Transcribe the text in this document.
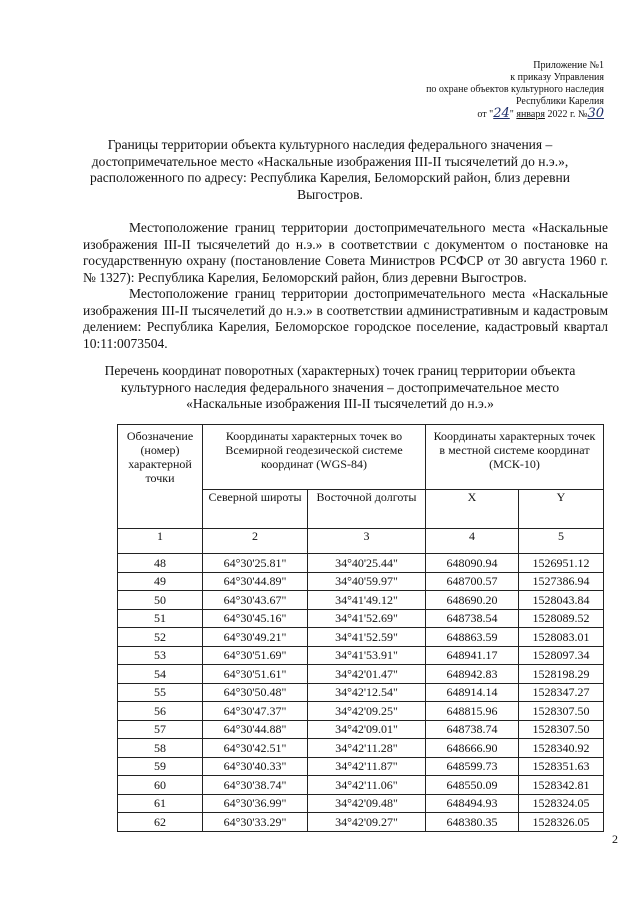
Приложение №1
к приказу Управления
по охране объектов культурного наследия
Республики Карелия
от "24" января 2022 г. №30
Границы территории объекта культурного наследия федерального значения – достопримечательное место «Наскальные изображения III-II тысячелетий до н.э.», расположенного по адресу: Республика Карелия, Беломорский район, близ деревни Выгостров.
Местоположение границ территории достопримечательного места «Наскальные изображения III-II тысячелетий до н.э.» в соответствии с документом о постановке на государственную охрану (постановление Совета Министров РСФСР от 30 августа 1960 г. № 1327): Республика Карелия, Беломорский район, близ деревни Выгостров.
Местоположение границ территории достопримечательного места «Наскальные изображения III-II тысячелетий до н.э.» в соответствии административным и кадастровым делением: Республика Карелия, Беломорское городское поселение, кадастровый квартал 10:11:0073504.
Перечень координат поворотных (характерных) точек границ территории объекта культурного наследия федерального значения – достопримечательное место «Наскальные изображения III-II тысячелетий до н.э.»
Обозначение (номер) характерной точки	Координаты характерных точек во Всемирной геодезической системе координат (WGS-84)		Координаты характерных точек в местной системе координат (МСК-10)	
	Северной широты	Восточной долготы	X	Y
1	2	3	4	5
48	64°30'25.81"	34°40'25.44"	648090.94	1526951.12
49	64°30'44.89"	34°40'59.97"	648700.57	1527386.94
50	64°30'43.67"	34°41'49.12"	648690.20	1528043.84
51	64°30'45.16"	34°41'52.69"	648738.54	1528089.52
52	64°30'49.21"	34°41'52.59"	648863.59	1528083.01
53	64°30'51.69"	34°41'53.91"	648941.17	1528097.34
54	64°30'51.61"	34°42'01.47"	648942.83	1528198.29
55	64°30'50.48"	34°42'12.54"	648914.14	1528347.27
56	64°30'47.37"	34°42'09.25"	648815.96	1528307.50
57	64°30'44.88"	34°42'09.01"	648738.74	1528307.50
58	64°30'42.51"	34°42'11.28"	648666.90	1528340.92
59	64°30'40.33"	34°42'11.87"	648599.73	1528351.63
60	64°30'38.74"	34°42'11.06"	648550.09	1528342.81
61	64°30'36.99"	34°42'09.48"	648494.93	1528324.05
62	64°30'33.29"	34°42'09.27"	648380.35	1528326.05
2
